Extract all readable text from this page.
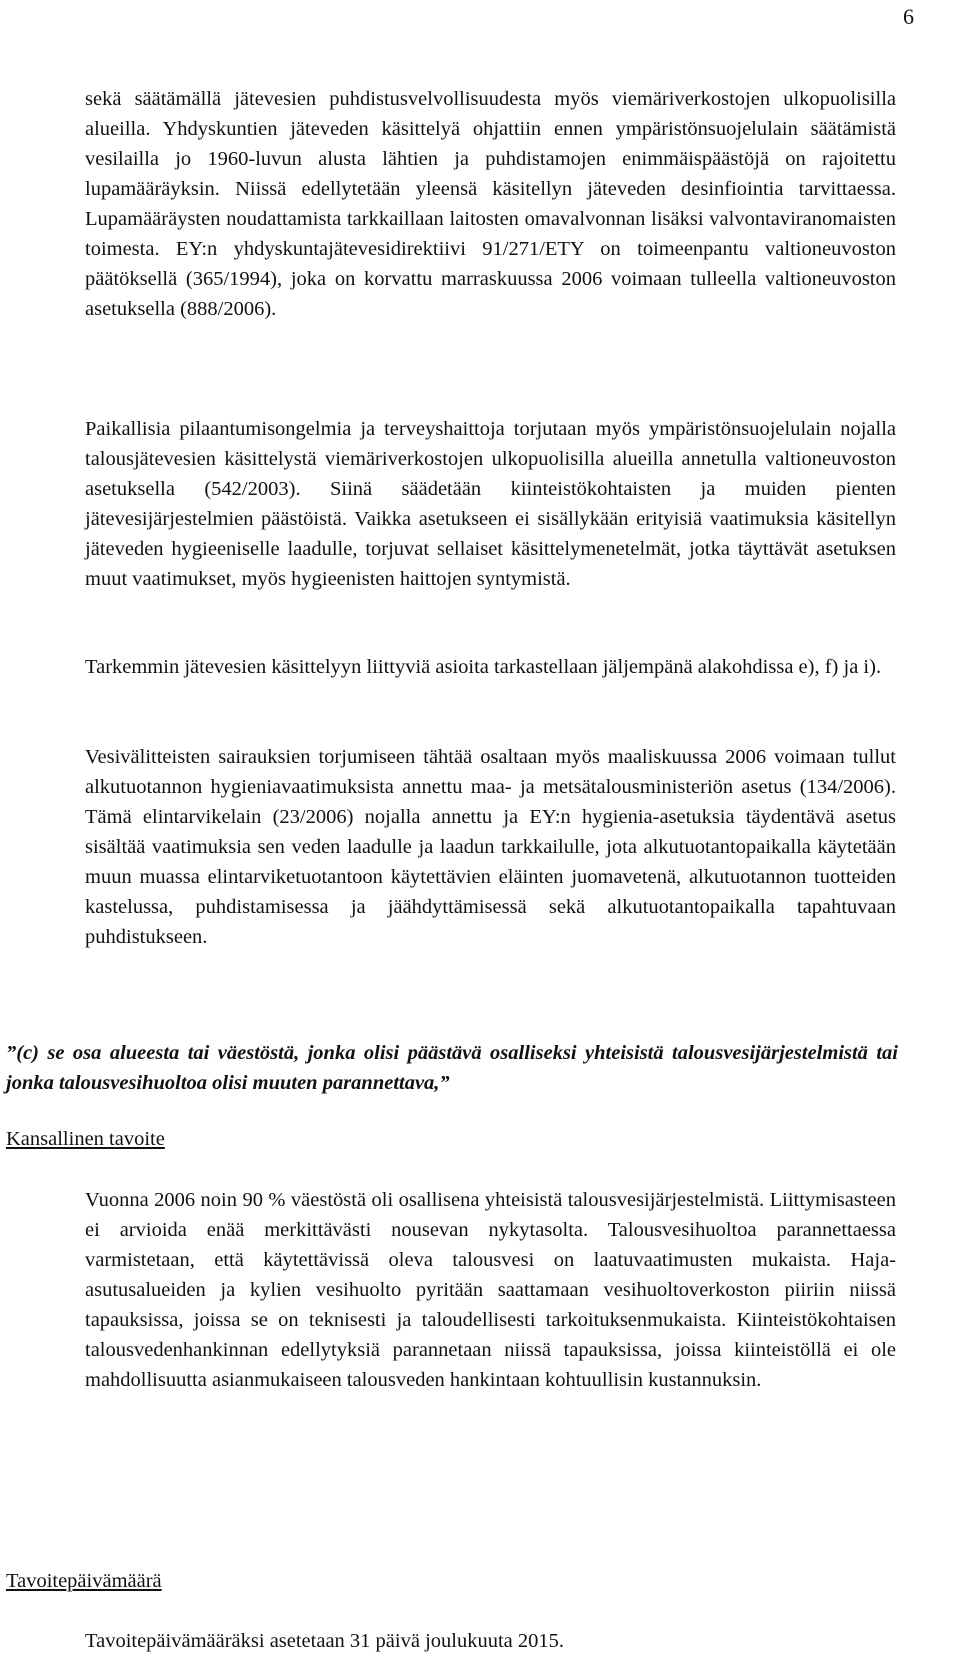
6

sekä säätämällä jätevesien puhdistusvelvollisuudesta myös viemäriverkostojen ulkopuolisilla alueilla. Yhdyskuntien jäteveden käsittelyä ohjattiin ennen ympäristönsuojelulain säätämistä vesilailla jo 1960-luvun alusta lähtien ja puhdistamojen enimmäispäästöjä on rajoitettu lupamääräyksin. Niissä edellytetään yleensä käsitellyn jäteveden desinfiointia tarvittaessa. Lupamääräysten noudattamista tarkkaillaan laitosten omavalvonnan lisäksi valvontaviranomaisten toimesta. EY:n yhdyskuntajätevesidirektiivi 91/271/ETY on toimeenpantu valtioneuvoston päätöksellä (365/1994), joka on korvattu marraskuussa 2006 voimaan tulleella valtioneuvoston asetuksella (888/2006).

Paikallisia pilaantumisongelmia ja terveyshaittoja torjutaan myös ympäristönsuojelulain nojalla talousjätevesien käsittelystä viemäriverkostojen ulkopuolisilla alueilla annetulla valtioneuvoston asetuksella (542/2003). Siinä säädetään kiinteistökohtaisten ja muiden pienten jätevesijärjestelmien päästöistä. Vaikka asetukseen ei sisällykään erityisiä vaatimuksia käsitellyn jäteveden hygieeniselle laadulle, torjuvat sellaiset käsittelymenetelmät, jotka täyttävät asetuksen muut vaatimukset, myös hygieenisten haittojen syntymistä.

Tarkemmin jätevesien käsittelyyn liittyviä asioita tarkastellaan jäljempänä alakohdissa e), f) ja i).

Vesivälitteisten sairauksien torjumiseen tähtää osaltaan myös maaliskuussa 2006 voimaan tullut alkutuotannon hygieniavaatimuksista annettu maa- ja metsätalousministeriön asetus (134/2006). Tämä elintarvikelain (23/2006) nojalla annettu ja EY:n hygienia-asetuksia täydentävä asetus sisältää vaatimuksia sen veden laadulle ja laadun tarkkailulle, jota alkutuotantopaikalla käytetään muun muassa elintarviketuotantoon käytettävien eläinten juomavetenä, alkutuotannon tuotteiden kastelussa, puhdistamisessa ja jäähdyttämisessä sekä alkutuotantopaikalla tapahtuvaan puhdistukseen.

”(c) se osa alueesta tai väestöstä, jonka olisi päästävä osalliseksi yhteisistä talousvesijärjestelmistä tai jonka talousvesihuoltoa olisi muuten parannettava,”

Kansallinen tavoite

Vuonna 2006 noin 90 % väestöstä oli osallisena yhteisistä talousvesijärjestelmistä. Liittymisasteen ei arvioida enää merkittävästi nousevan nykytasolta. Talousvesihuoltoa parannettaessa varmistetaan, että käytettävissä oleva talousvesi on laatuvaatimusten mukaista. Haja-asutusalueiden ja kylien vesihuolto pyritään saattamaan vesihuoltoverkoston piiriin niissä tapauksissa, joissa se on teknisesti ja taloudellisesti tarkoituksenmukaista. Kiinteistökohtaisen talousvedenhankinnan edellytyksiä parannetaan niissä tapauksissa, joissa kiinteistöllä ei ole mahdollisuutta asianmukaiseen talousveden hankintaan kohtuullisin kustannuksin.

Tavoitepäivämäärä

Tavoitepäivämääräksi asetetaan 31 päivä joulukuuta 2015.
